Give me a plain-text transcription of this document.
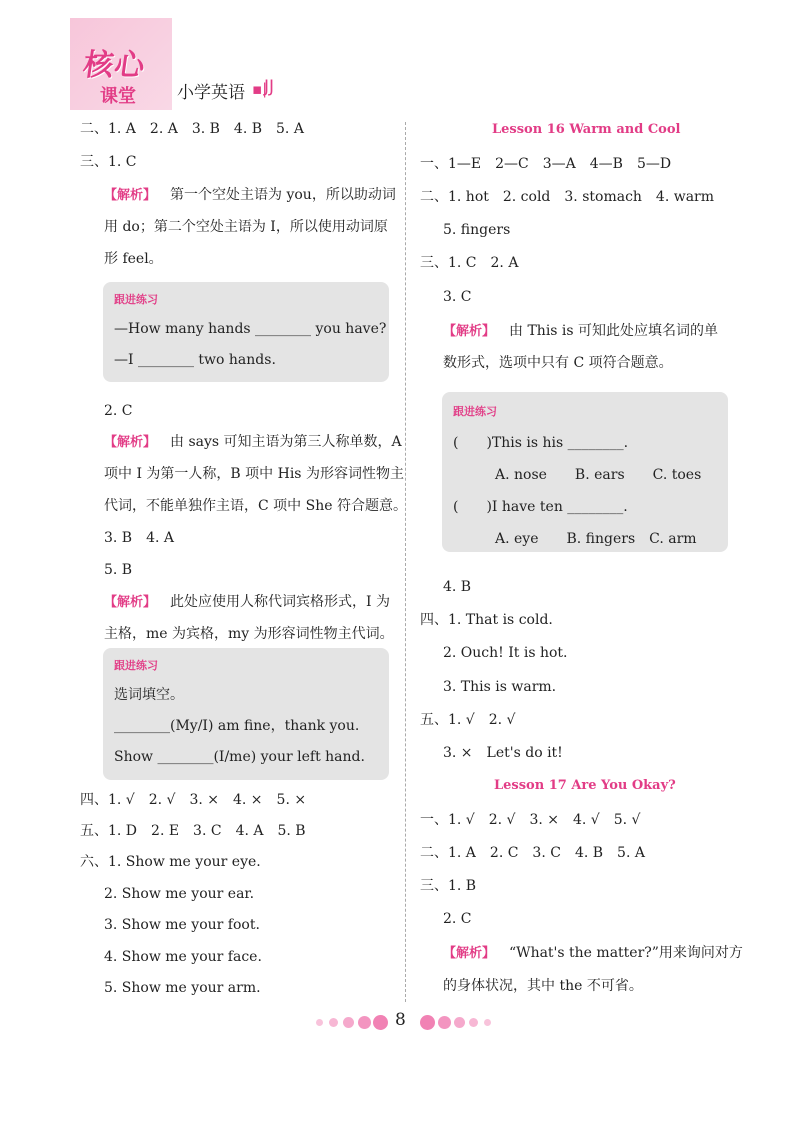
核心
课堂 小学英语 ▪|
JJ
二、1. A　2. A　3. B　4. B　5. A
三、1. C
【解析】 第一个空处主语为 you，所以助动词
用 do；第二个空处主语为 I，所以使用动词原
形 feel。
跟进练习
—How many hands ________ you have?
—I ________ two hands.
2. C
【解析】 由 says 可知主语为第三人称单数，A
项中 I 为第一人称，B 项中 His 为形容词性物主
代词，不能单独作主语，C 项中 She 符合题意。
3. B　4. A
5. B
【解析】 此处应使用人称代词宾格形式，I 为
主格，me 为宾格，my 为形容词性物主代词。
跟进练习
选词填空。
________(My/I) am fine，thank you.
Show ________(I/me) your left hand.
四、1. √　2. √　3. ×　4. ×　5. ×
五、1. D　2. E　3. C　4. A　5. B
六、1. Show me your eye.
2. Show me your ear.
3. Show me your foot.
4. Show me your face.
5. Show me your arm.
Lesson 16 Warm and Cool
一、1—E　2—C　3—A　4—B　5—D
二、1. hot　2. cold　3. stomach　4. warm
5. fingers
三、1. C　2. A
3. C
【解析】 由 This is 可知此处应填名词的单
数形式，选项中只有 C 项符合题意。
跟进练习
(　　)This is his ________.
A. nose　　B. ears　　C. toes
(　　)I have ten ________.
A. eye　　B. fingers　C. arm
4. B
四、1. That is cold.
2. Ouch! It is hot.
3. This is warm.
五、1. √　2. √
3. ×　Let's do it!
Lesson 17 Are You Okay?
一、1. √　2. √　3. ×　4. √　5. √
二、1. A　2. C　3. C　4. B　5. A
三、1. B
2. C
【解析】 “What's the matter?”用来询问对方
的身体状况，其中 the 不可省。
8
